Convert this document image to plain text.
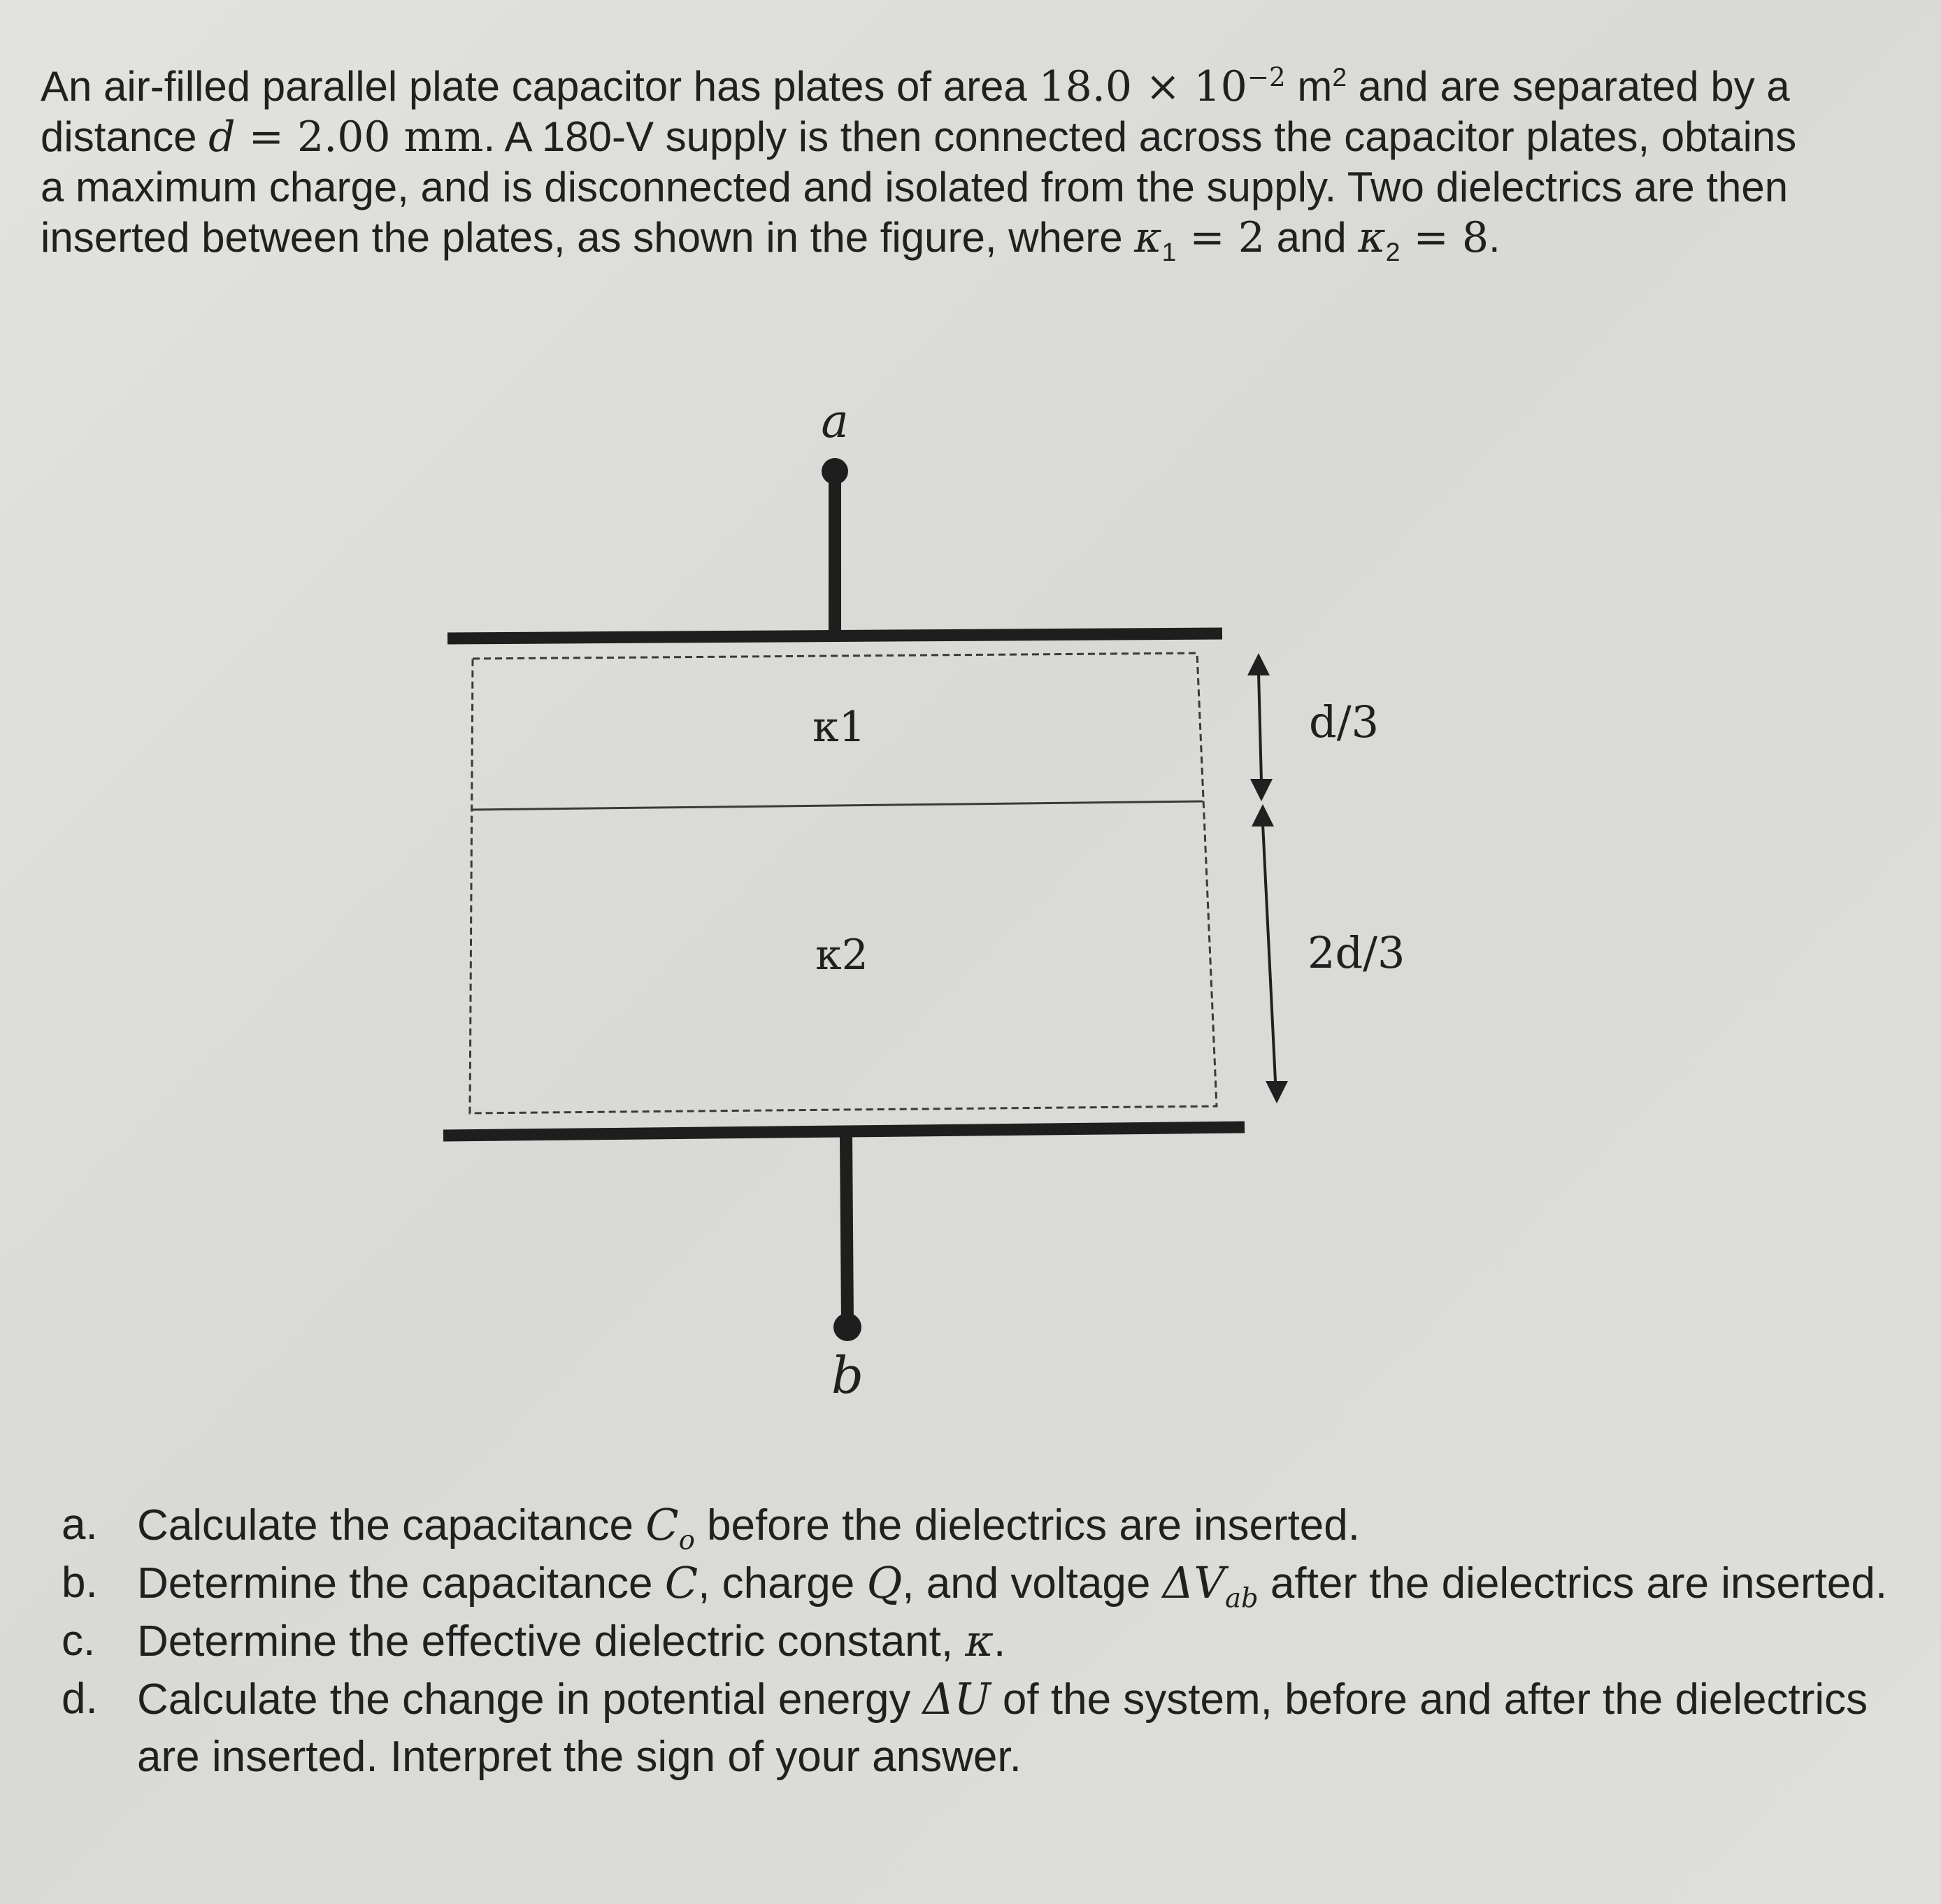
An air-filled parallel plate capacitor has plates of area $18.0 \times 10^{-2}$ $m^2$ and are separated by a distance d = 2.00 mm. A 180-V supply is then connected across the capacitor plates, obtains a maximum charge, and is disconnected and isolated from the supply. Two dielectrics are then inserted between the plates, as shown in the figure, where $\kappa_1 = 2$ and $\kappa_2 = 8$.

a
κ1
κ2
b
d/3
2d/3

a. Calculate the capacitance $C_o$ before the dielectrics are inserted.

b. Determine the capacitance C, charge Q, and voltage $\Delta V_{ab}$ after the dielectrics are inserted.

c. Determine the effective dielectric constant, κ.

d. Calculate the change in potential energy ΔU of the system, before and after the dielectrics are inserted. Interpret the sign of your answer.
